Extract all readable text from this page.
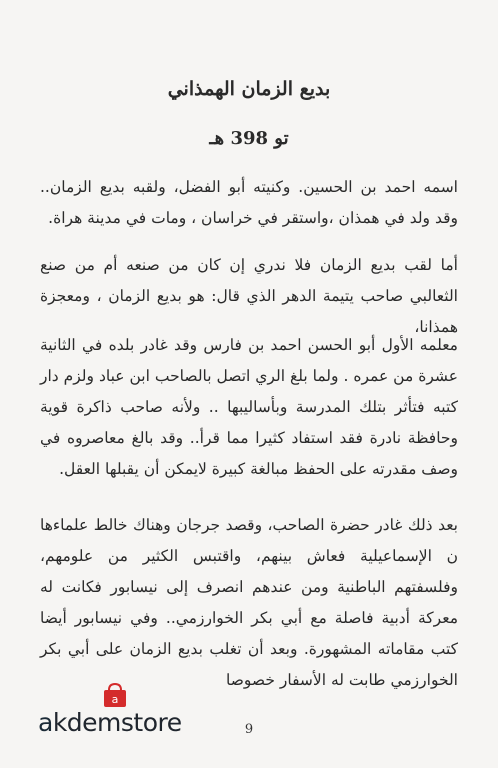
بديع الزمان الهمذاني
تو 398 هـ
اسمه احمد بن الحسين. وكنيته أبو الفضل، ولقبه بديع الزمان.. وقد ولد في همذان ،واستقر في خراسان ، ومات في مدينة هراة.
أما لقب بديع الزمان فلا ندري إن كان من صنعه أم من صنع الثعالبي صاحب يتيمة الدهر الذي قال: هو بديع الزمان ، ومعجزة همذانا،
معلمه الأول أبو الحسن احمد بن فارس وقد غادر بلده في الثانية عشرة من عمره . ولما بلغ الري اتصل بالصاحب ابن عباد ولزم دار كتبه فتأثر بتلك المدرسة وبأساليبها .. ولأنه صاحب ذاكرة قوية وحافظة نادرة فقد استفاد كثيرا مما قرأ.. وقد بالغ معاصروه في وصف مقدرته على الحفظ مبالغة كبيرة لايمكن أن يقبلها العقل.
بعد ذلك غادر حضرة الصاحب، وقصد جرجان وهناك خالط علماءها ن الإسماعيلية فعاش بينهم، واقتبس الكثير من علومهم، وفلسفتهم الباطنية ومن عندهم انصرف إلى نيسابور فكانت له معركة أدبية فاصلة مع أبي بكر الخوارزمي.. وفي نيسابور أيضا كتب مقاماته المشهورة. وبعد أن تغلب بديع الزمان على أبي بكر الخوارزمي طابت له الأسفار خصوصا
a
akdemstore	9
